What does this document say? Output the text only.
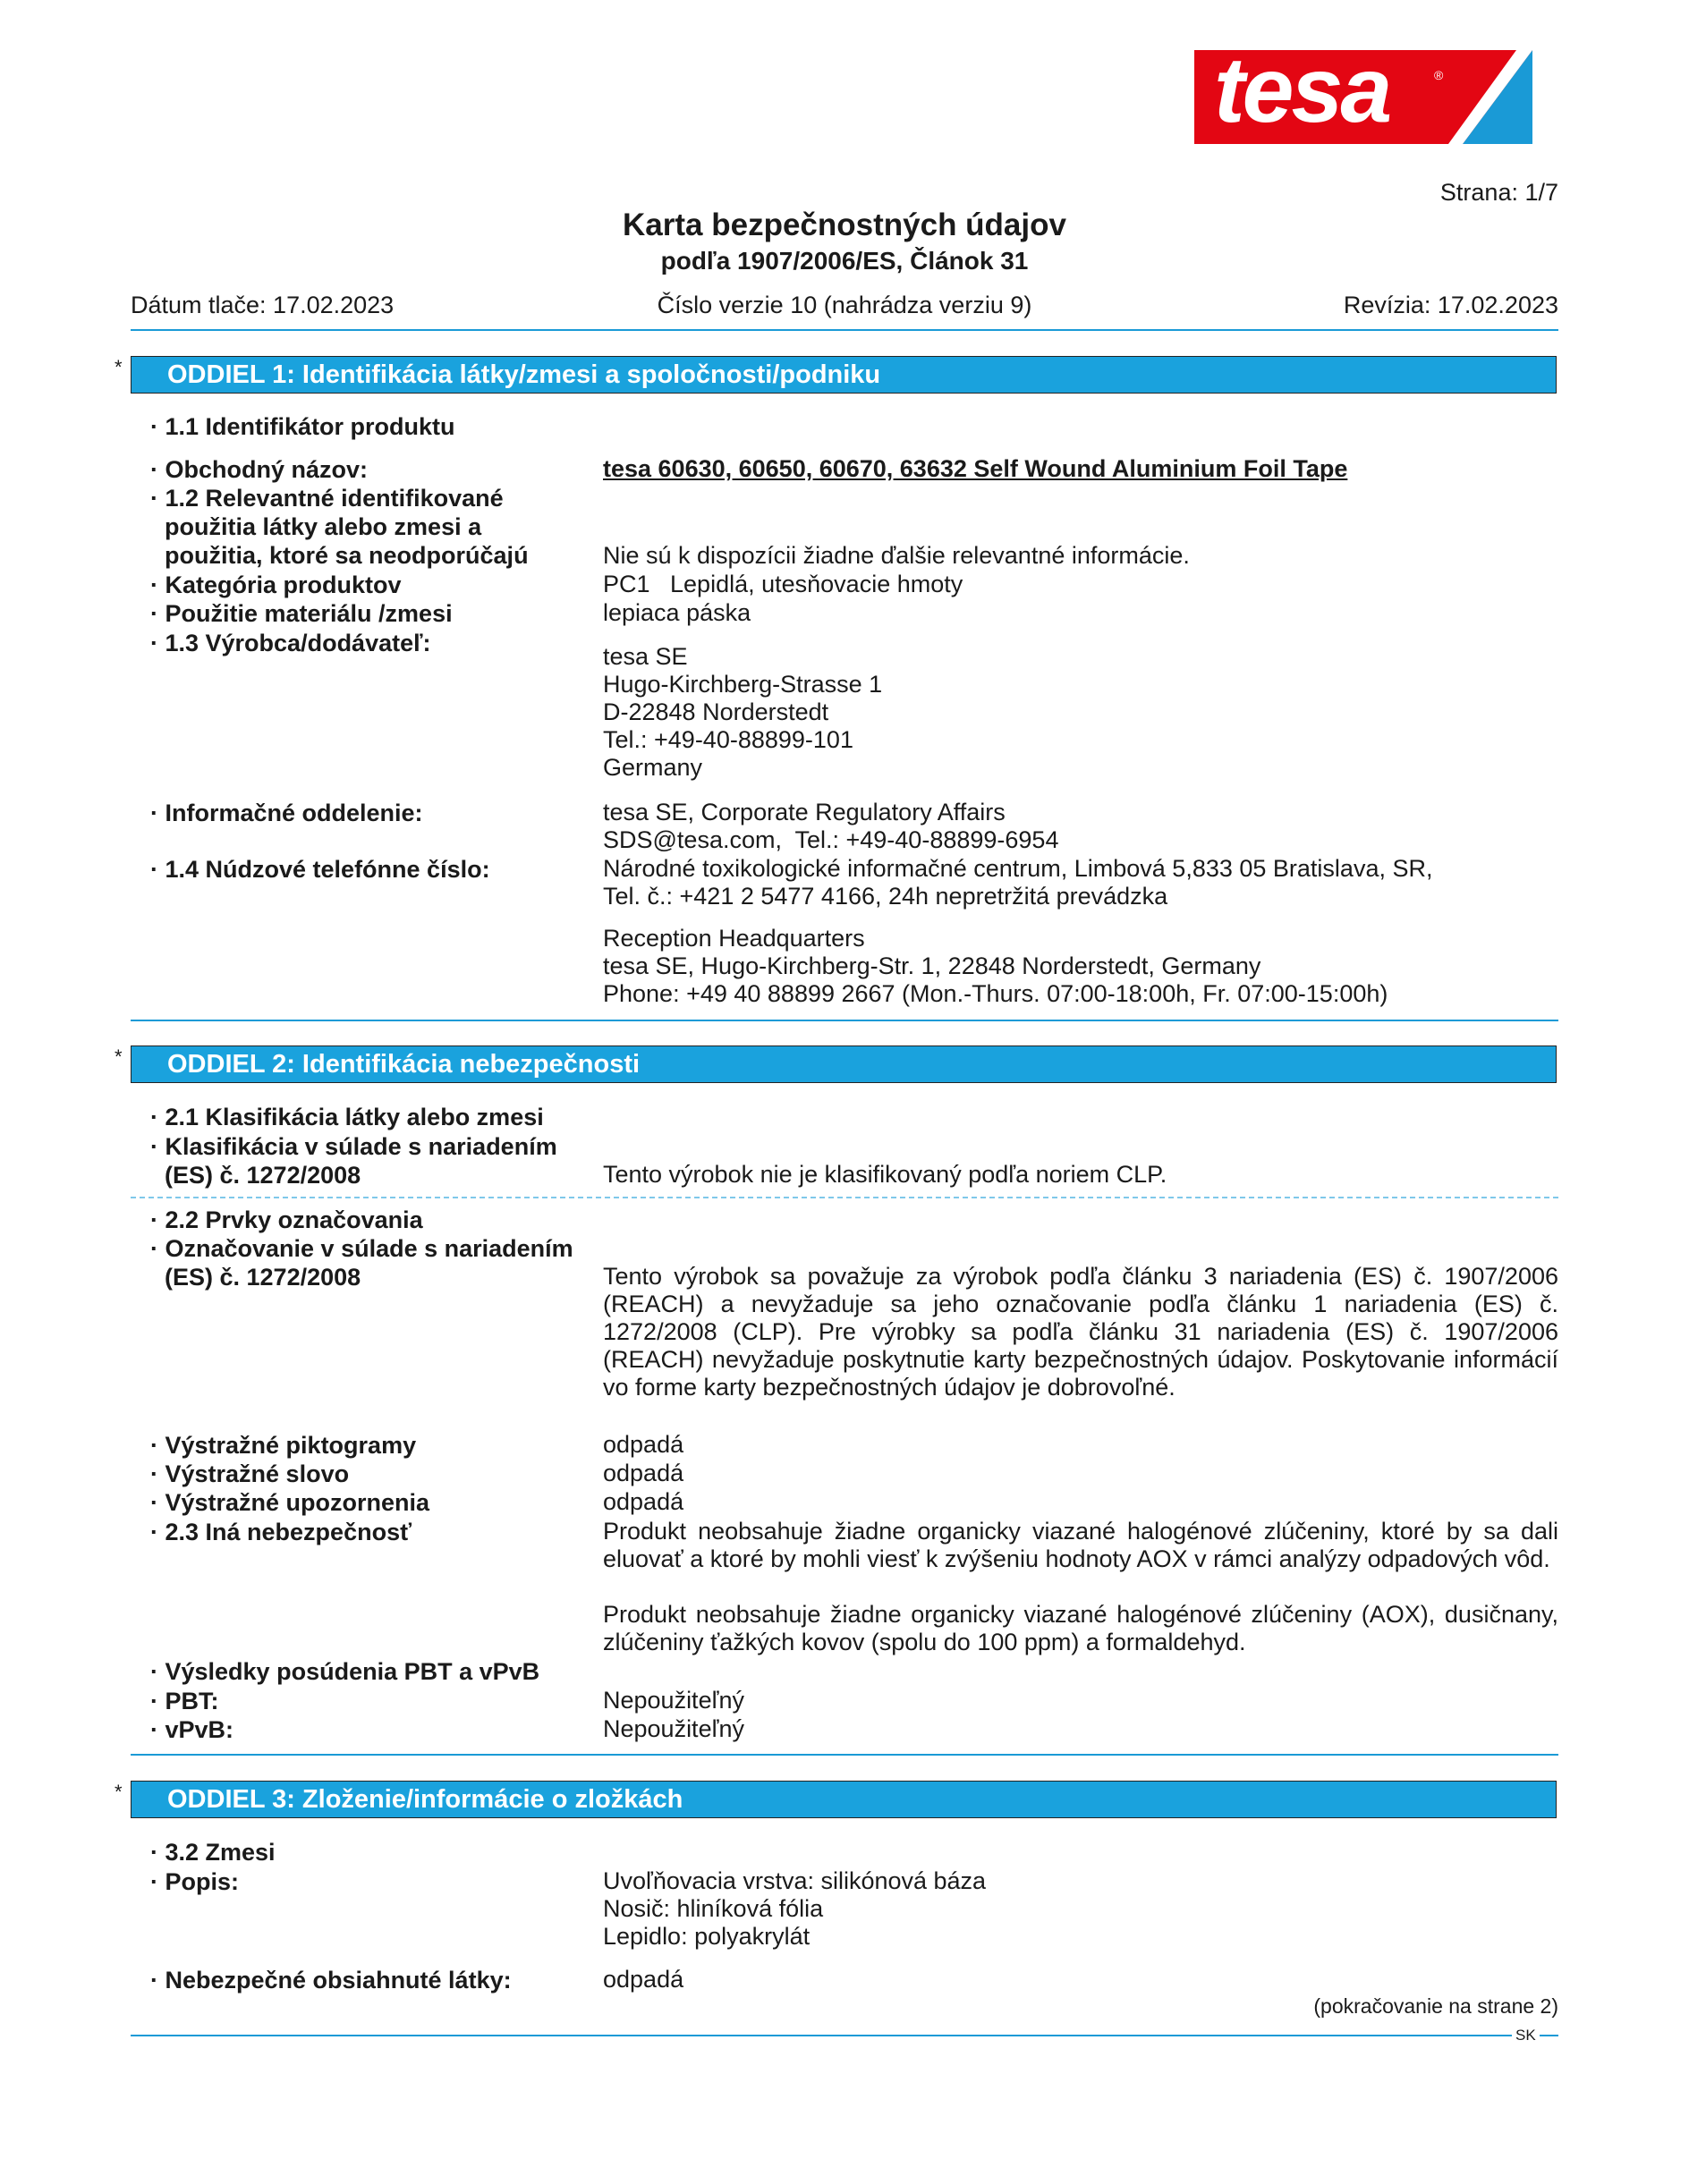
tesa	®
Strana: 1/7
Karta bezpečnostných údajov
podľa 1907/2006/ES, Článok 31
Dátum tlače: 17.02.2023	Číslo verzie 10 (nahrádza verziu 9)	Revízia: 17.02.2023
* ODDIEL 1: Identifikácia látky/zmesi a spoločnosti/podniku
· 1.1 Identifikátor produktu
· Obchodný názov:	tesa 60630, 60650, 60670, 63632 Self Wound Aluminium Foil Tape
· 1.2 Relevantné identifikované
použitia látky alebo zmesi a
použitia, ktoré sa neodporúčajú	Nie sú k dispozícii žiadne ďalšie relevantné informácie.
· Kategória produktov	PC1   Lepidlá, utesňovacie hmoty
· Použitie materiálu /zmesi	lepiaca páska
· 1.3 Výrobca/dodávateľ:	tesa SE
Hugo-Kirchberg-Strasse 1
D-22848 Norderstedt
Tel.: +49-40-88899-101
Germany
· Informačné oddelenie:	tesa SE, Corporate Regulatory Affairs
SDS@tesa.com,  Tel.: +49-40-88899-6954
· 1.4 Núdzové telefónne číslo:	Národné toxikologické informačné centrum, Limbová 5,833 05 Bratislava, SR,
Tel. č.: +421 2 5477 4166, 24h nepretržitá prevádzka
Reception Headquarters
tesa SE, Hugo-Kirchberg-Str. 1, 22848 Norderstedt, Germany
Phone: +49 40 88899 2667 (Mon.-Thurs. 07:00-18:00h, Fr. 07:00-15:00h)
* ODDIEL 2: Identifikácia nebezpečnosti
· 2.1 Klasifikácia látky alebo zmesi
· Klasifikácia v súlade s nariadením
(ES) č. 1272/2008	Tento výrobok nie je klasifikovaný podľa noriem CLP.
· 2.2 Prvky označovania
· Označovanie v súlade s nariadením
(ES) č. 1272/2008	Tento výrobok sa považuje za výrobok podľa článku 3 nariadenia (ES) č. 1907/2006 (REACH) a nevyžaduje sa jeho označovanie podľa článku 1 nariadenia (ES) č. 1272/2008 (CLP). Pre výrobky sa podľa článku 31 nariadenia (ES) č. 1907/2006 (REACH) nevyžaduje poskytnutie karty bezpečnostných údajov. Poskytovanie informácií vo forme karty bezpečnostných údajov je dobrovoľné.
· Výstražné piktogramy	odpadá
· Výstražné slovo	odpadá
· Výstražné upozornenia	odpadá
· 2.3 Iná nebezpečnosť	Produkt neobsahuje žiadne organicky viazané halogénové zlúčeniny, ktoré by sa dali eluovať a ktoré by mohli viesť k zvýšeniu hodnoty AOX v rámci analýzy odpadových vôd.
Produkt neobsahuje žiadne organicky viazané halogénové zlúčeniny (AOX), dusičnany, zlúčeniny ťažkých kovov (spolu do 100 ppm) a formaldehyd.
· Výsledky posúdenia PBT a vPvB
· PBT:	Nepoužiteľný
· vPvB:	Nepoužiteľný
* ODDIEL 3: Zloženie/informácie o zložkách
· 3.2 Zmesi
· Popis:	Uvoľňovacia vrstva: silikónová báza
Nosič: hliníková fólia
Lepidlo: polyakrylát
· Nebezpečné obsiahnuté látky:	odpadá
(pokračovanie na strane 2)
SK
